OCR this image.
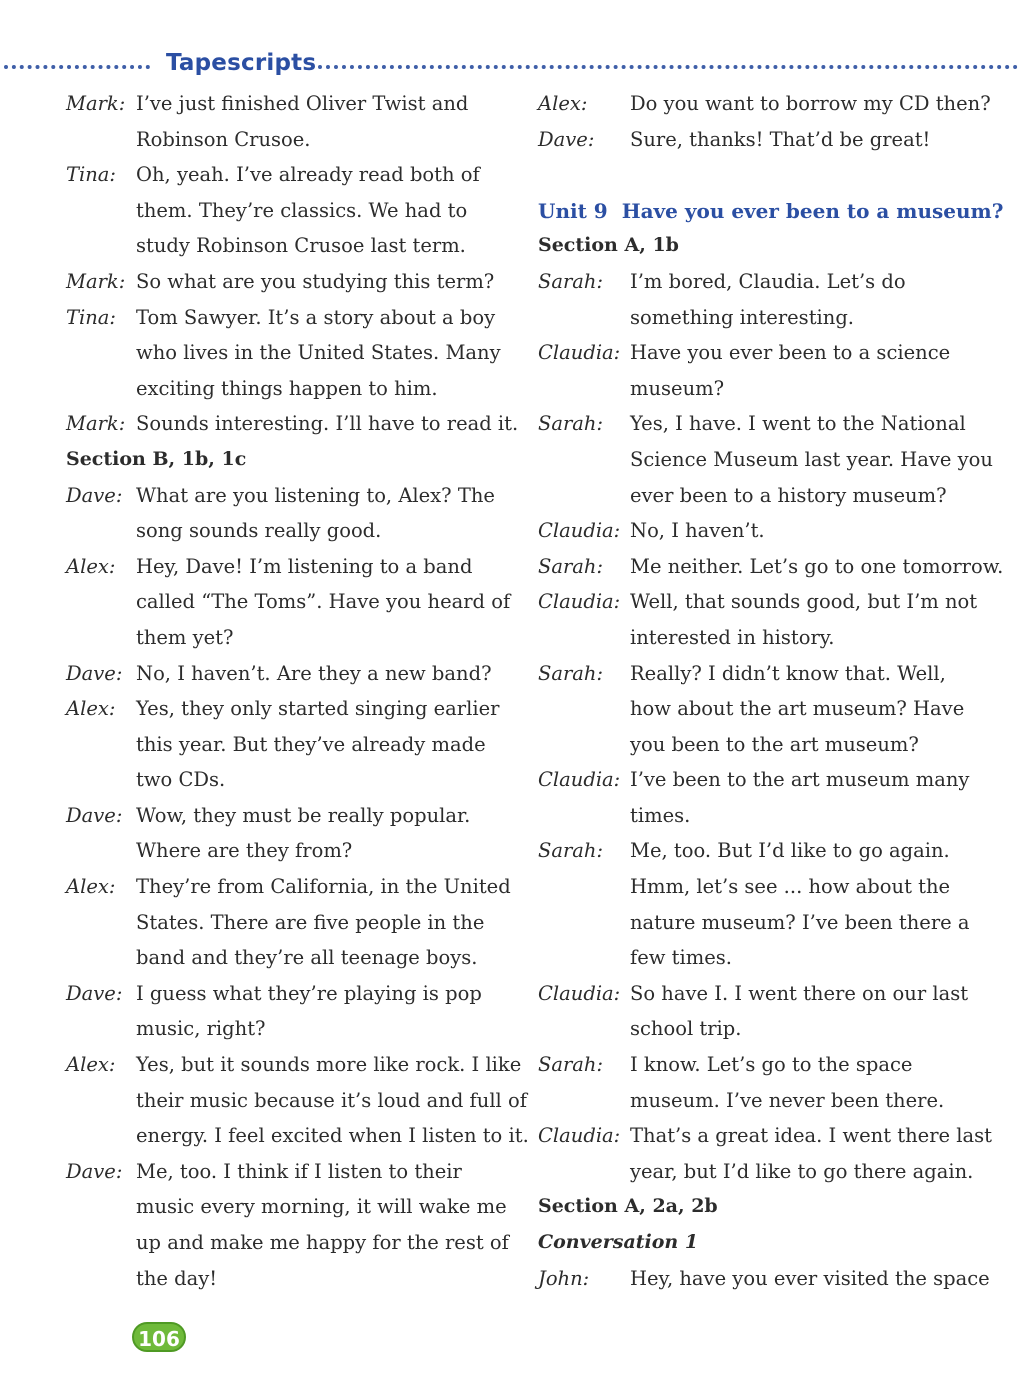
Tapescripts
Mark: I’ve just finished Oliver Twist and
Robinson Crusoe.
Tina:	Oh, yeah. I’ve already read both of
them. They’re classics. We had to
study Robinson Crusoe last term.
Mark: So what are you studying this term?
Tina:	Tom Sawyer. It’s a story about a boy
who lives in the United States. Many
exciting things happen to him.
Mark: Sounds interesting. I’ll have to read it.
Section B, 1b, 1c
Dave: What are you listening to, Alex? The
song sounds really good.
Alex:	Hey, Dave! I’m listening to a band
called “The Toms”. Have you heard of
them yet?
Dave: No, I haven’t. Are they a new band?
Alex:	Yes, they only started singing earlier
this year. But they’ve already made
two CDs.
Dave: Wow, they must be really popular.
Where are they from?
Alex:	They’re from California, in the United
States. There are five people in the
band and they’re all teenage boys.
Dave: I guess what they’re playing is pop
music, right?
Alex:	Yes, but it sounds more like rock. I like
their music because it’s loud and full of
energy. I feel excited when I listen to it.
Dave: Me, too. I think if I listen to their
music every morning, it will wake me
up and make me happy for the rest of
the day!
Alex:	Do you want to borrow my CD then?
Dave:	Sure, thanks! That’d be great!
Unit 9 Have you ever been to a museum?
Section A, 1b
Sarah:	I’m bored, Claudia. Let’s do
something interesting.
Claudia: Have you ever been to a science
museum?
Sarah:	Yes, I have. I went to the National
Science Museum last year. Have you
ever been to a history museum?
Claudia: No, I haven’t.
Sarah:	Me neither. Let’s go to one tomorrow.
Claudia: Well, that sounds good, but I’m not
interested in history.
Sarah:	Really? I didn’t know that. Well,
how about the art museum? Have
you been to the art museum?
Claudia: I’ve been to the art museum many
times.
Sarah:	Me, too. But I’d like to go again.
Hmm, let’s see ... how about the
nature museum? I’ve been there a
few times.
Claudia: So have I. I went there on our last
school trip.
Sarah:	I know. Let’s go to the space
museum. I’ve never been there.
Claudia: That’s a great idea. I went there last
year, but I’d like to go there again.
Section A, 2a, 2b
Conversation 1
John:	Hey, have you ever visited the space
106
